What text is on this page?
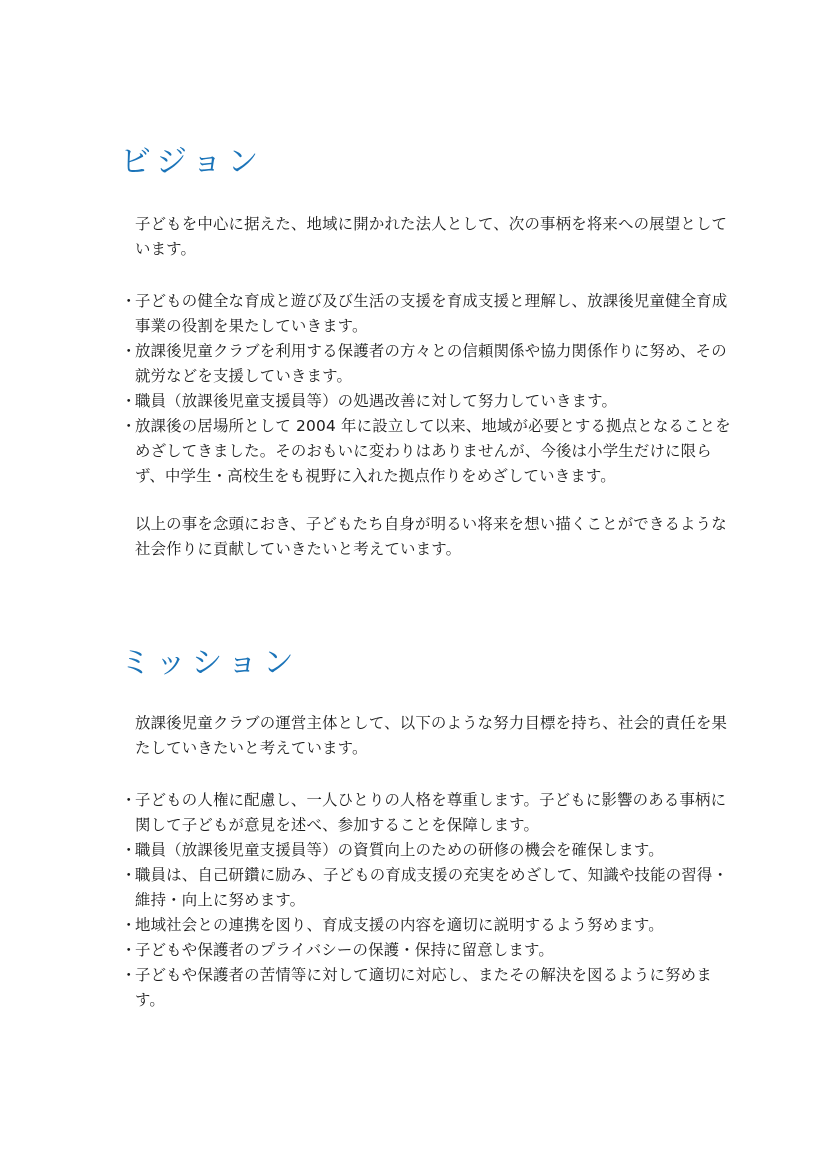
ビジョン

子どもを中心に据えた、地域に開かれた法人として、次の事柄を将来への展望としています。

・
子どもの健全な育成と遊び及び生活の支援を育成支援と理解し、放課後児童健全育成事業の役割を果たしていきます。
・
放課後児童クラブを利用する保護者の方々との信頼関係や協力関係作りに努め、その就労などを支援していきます。
・
職員（放課後児童支援員等）の処遇改善に対して努力していきます。
・
放課後の居場所として 2004 年に設立して以来、地域が必要とする拠点となることをめざしてきました。そのおもいに変わりはありませんが、今後は小学生だけに限らず、中学生・高校生をも視野に入れた拠点作りをめざしていきます。

以上の事を念頭におき、子どもたち自身が明るい将来を想い描くことができるような社会作りに貢献していきたいと考えています。

ミッション

放課後児童クラブの運営主体として、以下のような努力目標を持ち、社会的責任を果たしていきたいと考えています。

・
子どもの人権に配慮し、一人ひとりの人格を尊重します。子どもに影響のある事柄に関して子どもが意見を述べ、参加することを保障します。
・
職員（放課後児童支援員等）の資質向上のための研修の機会を確保します。
・
職員は、自己研鑽に励み、子どもの育成支援の充実をめざして、知識や技能の習得・維持・向上に努めます。
・
地域社会との連携を図り、育成支援の内容を適切に説明するよう努めます。
・
子どもや保護者のプライバシーの保護・保持に留意します。
・
子どもや保護者の苦情等に対して適切に対応し、またその解決を図るように努めます。
